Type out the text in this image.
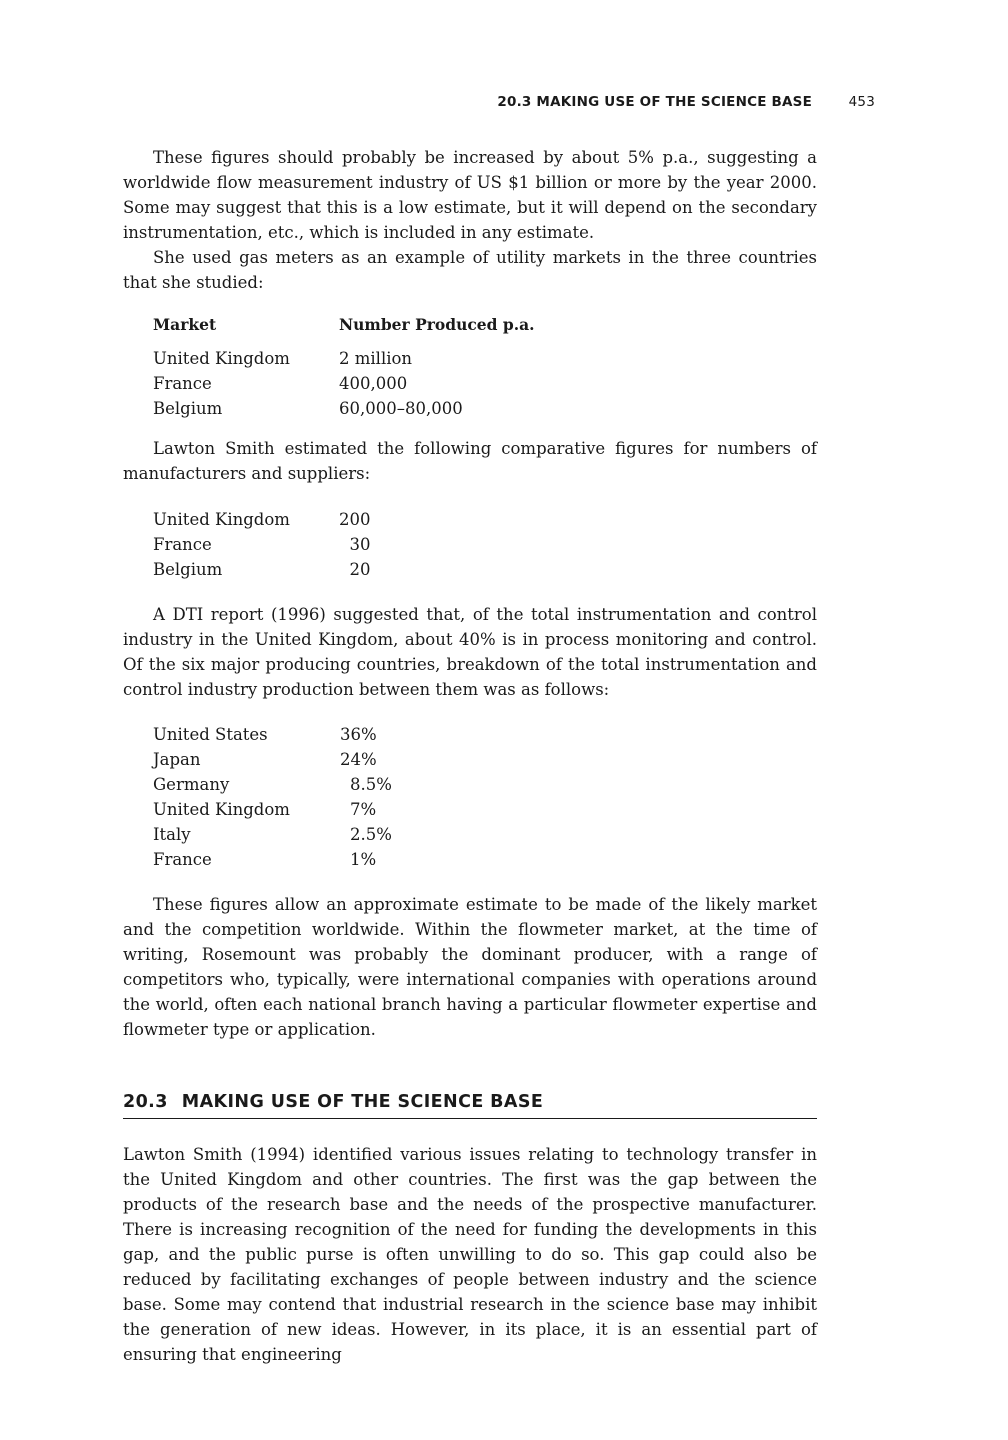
20.3 MAKING USE OF THE SCIENCE BASE	453

These figures should probably be increased by about 5% p.a., suggesting a worldwide flow measurement industry of US $1 billion or more by the year 2000. Some may suggest that this is a low estimate, but it will depend on the secondary instrumentation, etc., which is included in any estimate.

She used gas meters as an example of utility markets in the three countries that she studied:

Market	Number Produced p.a.
United Kingdom	2 million
France	400,000
Belgium	60,000–80,000

Lawton Smith estimated the following comparative figures for numbers of manufacturers and suppliers:

United Kingdom	200
France	30
Belgium	20

A DTI report (1996) suggested that, of the total instrumentation and control industry in the United Kingdom, about 40% is in process monitoring and control. Of the six major producing countries, breakdown of the total instrumentation and control industry production between them was as follows:

United States	36%
Japan	24%
Germany	8.5%
United Kingdom	7%
Italy	2.5%
France	1%

These figures allow an approximate estimate to be made of the likely market and the competition worldwide. Within the flowmeter market, at the time of writing, Rosemount was probably the dominant producer, with a range of competitors who, typically, were international companies with operations around the world, often each national branch having a particular flowmeter expertise and flowmeter type or application.

20.3 MAKING USE OF THE SCIENCE BASE

Lawton Smith (1994) identified various issues relating to technology transfer in the United Kingdom and other countries. The first was the gap between the products of the research base and the needs of the prospective manufacturer. There is increasing recognition of the need for funding the developments in this gap, and the public purse is often unwilling to do so. This gap could also be reduced by facilitating exchanges of people between industry and the science base. Some may contend that industrial research in the science base may inhibit the generation of new ideas. However, in its place, it is an essential part of ensuring that engineering
